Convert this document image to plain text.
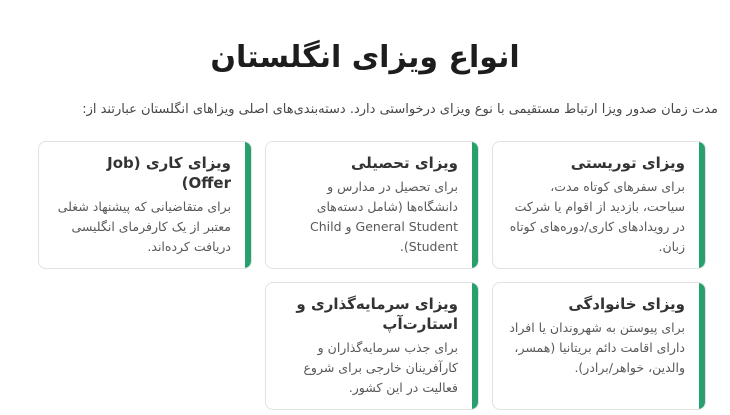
انواع ویزای انگلستان

مدت زمان صدور ویزا ارتباط مستقیمی با نوع ویزای درخواستی دارد. دسته‌بندی‌های اصلی ویزاهای انگلستان عبارتند از:

ویزای توریستی

برای سفرهای کوتاه مدت، سیاحت، بازدید از اقوام یا شرکت در رویدادهای کاری/دوره‌های کوتاه زبان.

ویزای تحصیلی

برای تحصیل در مدارس و دانشگاه‌ها (شامل دسته‌های General Student و Child Student).

ویزای کاری (Job Offer)

برای متقاضیانی که پیشنهاد شغلی معتبر از یک کارفرمای انگلیسی دریافت کرده‌اند.

ویزای خانوادگی

برای پیوستن به شهروندان یا افراد دارای اقامت دائم بریتانیا (همسر، والدین، خواهر/برادر).

ویزای سرمایه‌گذاری و استارت‌آپ

برای جذب سرمایه‌گذاران و کارآفرینان خارجی برای شروع فعالیت در این کشور.
